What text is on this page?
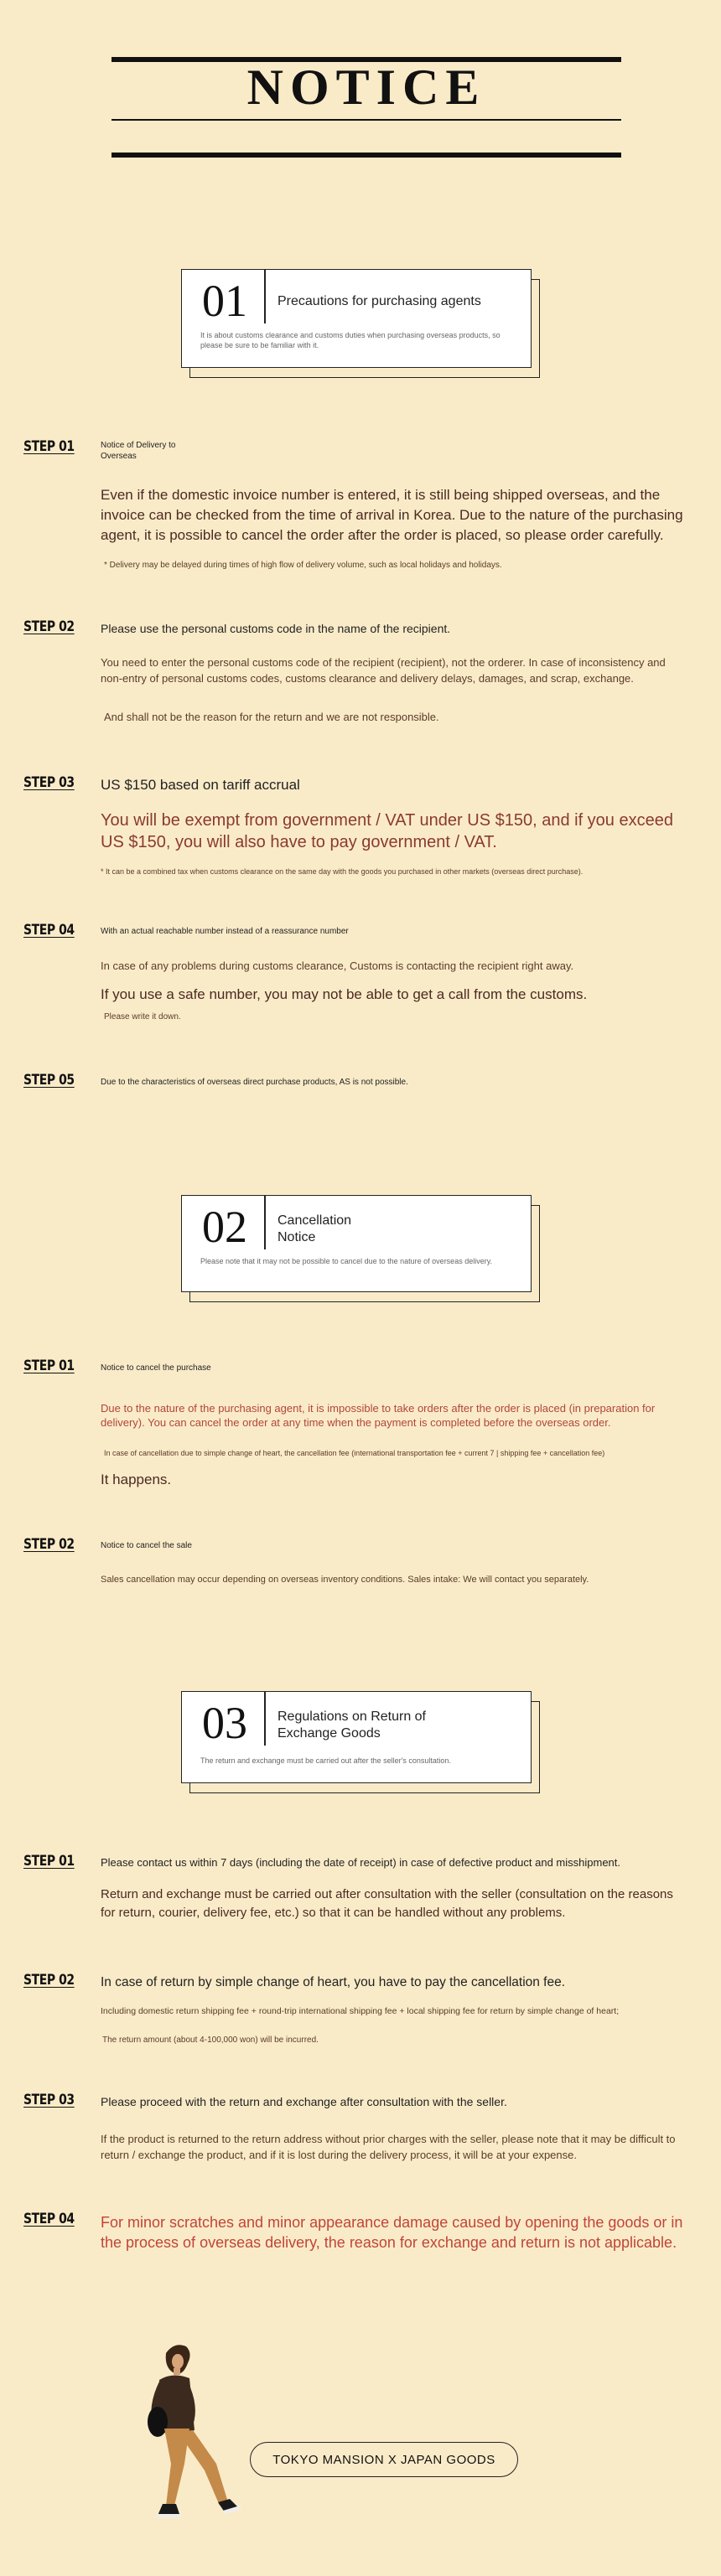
NOTICE
01 Precautions for purchasing agents
It is about customs clearance and customs duties when purchasing overseas products, so please be sure to be familiar with it.
STEP 01	Notice of Delivery to Overseas
Even if the domestic invoice number is entered, it is still being shipped overseas, and the invoice can be checked from the time of arrival in Korea. Due to the nature of the purchasing agent, it is possible to cancel the order after the order is placed, so please order carefully.
* Delivery may be delayed during times of high flow of delivery volume, such as local holidays and holidays.
STEP 02 Please use the personal customs code in the name of the recipient.
You need to enter the personal customs code of the recipient (recipient), not the orderer. In case of inconsistency and non-entry of personal customs codes, customs clearance and delivery delays, damages, and scrap, exchange.
And shall not be the reason for the return and we are not responsible.
STEP 03 US $150 based on tariff accrual
You will be exempt from government / VAT under US $150, and if you exceed US $150, you will also have to pay government / VAT.
* It can be a combined tax when customs clearance on the same day with the goods you purchased in other markets (overseas direct purchase).
STEP 04	With an actual reachable number instead of a reassurance number
In case of any problems during customs clearance, Customs is contacting the recipient right away.
If you use a safe number, you may not be able to get a call from the customs.
Please write it down.
STEP 05	Due to the characteristics of overseas direct purchase products, AS is not possible.
02 Cancellation Notice
Please note that it may not be possible to cancel due to the nature of overseas delivery.
STEP 01	Notice to cancel the purchase
Due to the nature of the purchasing agent, it is impossible to take orders after the order is placed (in preparation for delivery). You can cancel the order at any time when the payment is completed before the overseas order.
In case of cancellation due to simple change of heart, the cancellation fee (international transportation fee + current 7 | shipping fee + cancellation fee)
It happens.
STEP 02	Notice to cancel the sale
Sales cancellation may occur depending on overseas inventory conditions. Sales intake: We will contact you separately.
03 Regulations on Return of Exchange Goods
The return and exchange must be carried out after the seller's consultation.
STEP 01 Please contact us within 7 days (including the date of receipt) in case of defective product and misshipment.
Return and exchange must be carried out after consultation with the seller (consultation on the reasons for return, courier, delivery fee, etc.) so that it can be handled without any problems.
STEP 02 In case of return by simple change of heart, you have to pay the cancellation fee.
Including domestic return shipping fee + round-trip international shipping fee + local shipping fee for return by simple change of heart;
The return amount (about 4-100,000 won) will be incurred.
STEP 03 Please proceed with the return and exchange after consultation with the seller.
If the product is returned to the return address without prior charges with the seller, please note that it may be difficult to return / exchange the product, and if it is lost during the delivery process, it will be at your expense.
STEP 04 For minor scratches and minor appearance damage caused by opening the goods or in the process of overseas delivery, the reason for exchange and return is not applicable.
TOKYO MANSION X JAPAN GOODS
